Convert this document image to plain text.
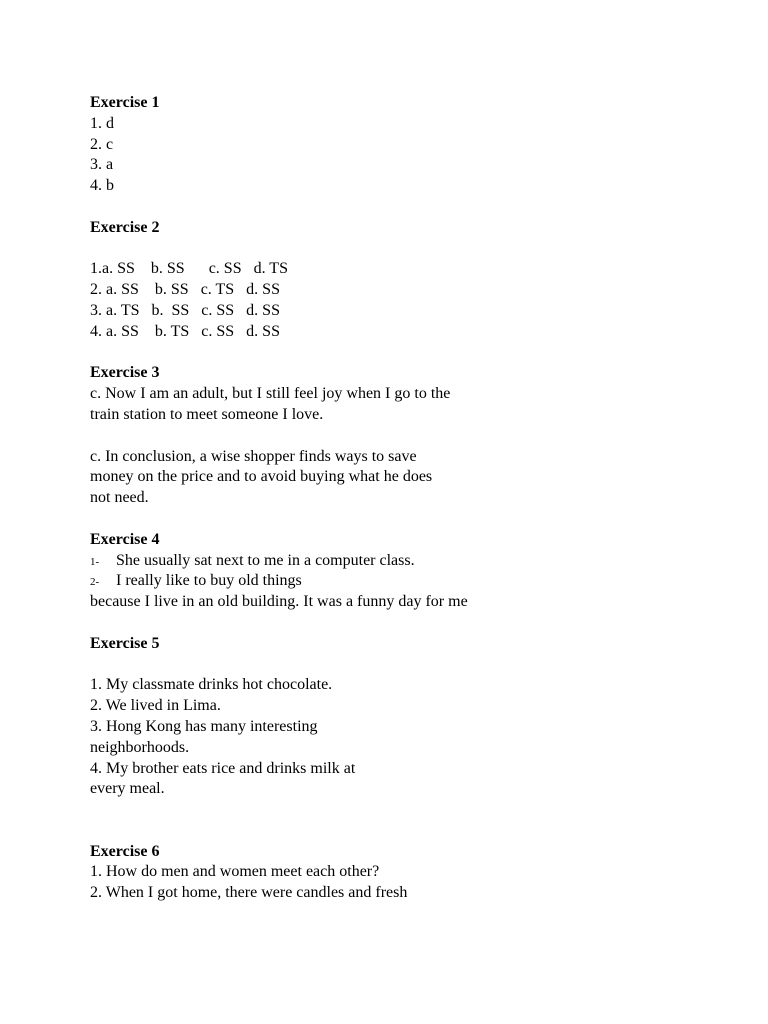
Exercise 1
1. d
2. c
3. a
4. b
Exercise 2
1.a. SS    b. SS      c. SS   d. TS
2. a. SS    b. SS   c. TS   d. SS
3. a. TS   b.  SS   c. SS   d. SS
4. a. SS    b. TS   c. SS   d. SS
Exercise 3
c. Now I am an adult, but I still feel joy when I go to the train station to meet someone I love.
c. In conclusion, a wise shopper finds ways to save money on the price and to avoid buying what he does not need.
Exercise 4
1- She usually sat next to me in a computer class.
2- I really like to buy old things
because I live in an old building. It was a funny day for me
Exercise 5
1. My classmate drinks hot chocolate.
2. We lived in Lima.
3. Hong Kong has many interesting neighborhoods.
4. My brother eats rice and drinks milk at every meal.
Exercise 6
1. How do men and women meet each other?
2. When I got home, there were candles and fresh
